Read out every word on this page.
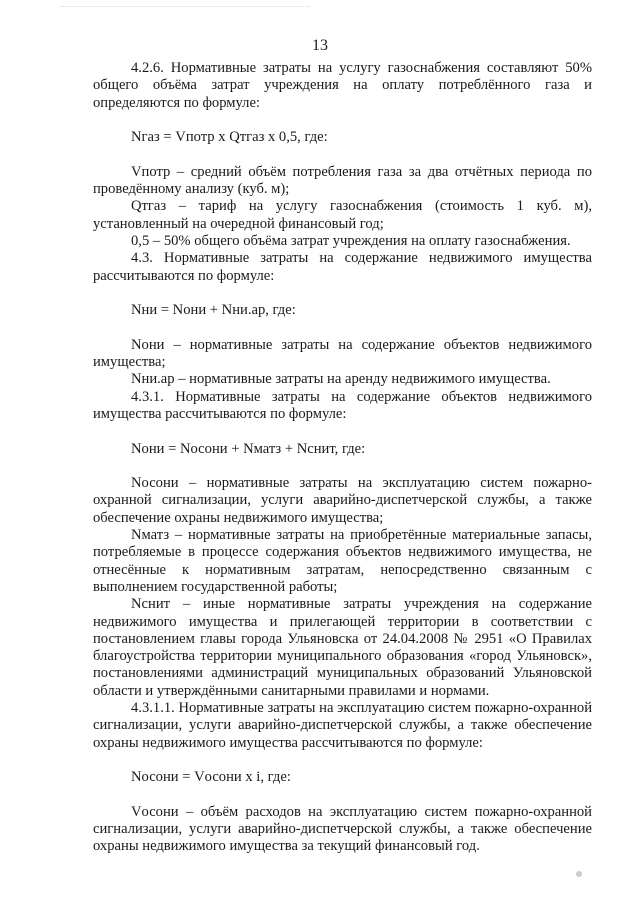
13

4.2.6. Нормативные затраты на услугу газоснабжения составляют 50% общего объёма затрат учреждения на оплату потреблённого газа и определяются по формуле:

Nгаз = Vпотр x Qтгаз x 0,5, где:

Vпотр – средний объём потребления газа за два отчётных периода по проведённому анализу (куб. м);

Qтгаз – тариф на услугу газоснабжения (стоимость 1 куб. м), установленный на очередной финансовый год;

0,5 – 50% общего объёма затрат учреждения на оплату газоснабжения.

4.3. Нормативные затраты на содержание недвижимого имущества рассчитываются по формуле:

Nни = Nони + Nни.ар, где:

Nони – нормативные затраты на содержание объектов недвижимого имущества;

Nни.ар – нормативные затраты на аренду недвижимого имущества.

4.3.1. Нормативные затраты на содержание объектов недвижимого имущества рассчитываются по формуле:

Nони = Nосони + Nматз + Nснит, где:

Nосони – нормативные затраты на эксплуатацию систем пожарно-охранной сигнализации, услуги аварийно-диспетчерской службы, а также обеспечение охраны недвижимого имущества;

Nматз – нормативные затраты на приобретённые материальные запасы, потребляемые в процессе содержания объектов недвижимого имущества, не отнесённые к нормативным затратам, непосредственно связанным с выполнением государственной работы;

Nснит – иные нормативные затраты учреждения на содержание недвижимого имущества и прилегающей территории в соответствии с постановлением главы города Ульяновска от 24.04.2008 № 2951 «О Правилах благоустройства территории муниципального образования «город Ульяновск», постановлениями администраций муниципальных образований Ульяновской области и утверждёнными санитарными правилами и нормами.

4.3.1.1. Нормативные затраты на эксплуатацию систем пожарно-охранной сигнализации, услуги аварийно-диспетчерской службы, а также обеспечение охраны недвижимого имущества рассчитываются по формуле:

Nосони = Vосони x i, где:

Vосони – объём расходов на эксплуатацию систем пожарно-охранной сигнализации, услуги аварийно-диспетчерской службы, а также обеспечение охраны недвижимого имущества за текущий финансовый год.
